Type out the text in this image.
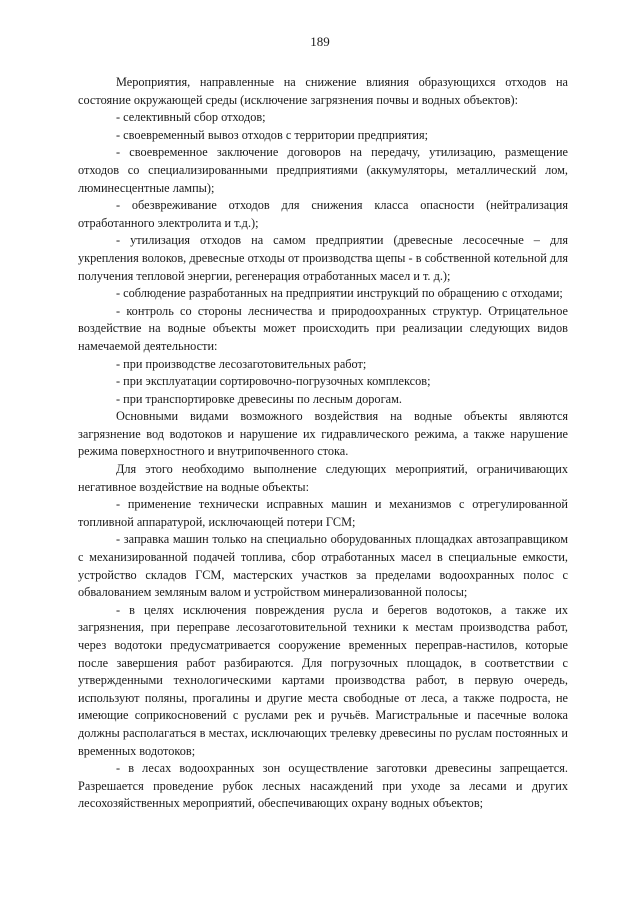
189

Мероприятия, направленные на снижение влияния образующихся отходов на состояние окружающей среды (исключение загрязнения почвы и водных объектов):

- селективный сбор отходов;

- своевременный вывоз отходов с территории предприятия;

- своевременное заключение договоров на передачу, утилизацию, размещение отходов со специализированными предприятиями (аккумуляторы, металлический лом, люминесцентные лампы);

- обезвреживание отходов для снижения класса опасности (нейтрализация отработанного электролита и т.д.);

- утилизация отходов на самом предприятии (древесные лесосечные – для укрепления волоков, древесные отходы от производства щепы - в собственной котельной для получения тепловой энергии, регенерация отработанных масел и т. д.);

- соблюдение разработанных на предприятии инструкций по обращению с отходами;

- контроль со стороны лесничества и природоохранных структур. Отрицательное воздействие на водные объекты может происходить при реализации следующих видов намечаемой деятельности:

- при производстве лесозаготовительных работ;

- при эксплуатации сортировочно-погрузочных комплексов;

- при транспортировке древесины по лесным дорогам.

Основными видами возможного воздействия на водные объекты являются загрязнение вод водотоков и нарушение их гидравлического режима, а также нарушение режима поверхностного и внутрипочвенного стока.

Для этого необходимо выполнение следующих мероприятий, ограничивающих негативное воздействие на водные объекты:

- применение технически исправных машин и механизмов с отрегулированной топливной аппаратурой, исключающей потери ГСМ;

- заправка машин только на специально оборудованных площадках автозаправщиком с механизированной подачей топлива, сбор отработанных масел в специальные емкости, устройство складов ГСМ, мастерских участков за пределами водоохранных полос с обвалованием земляным валом и устройством минерализованной полосы;

- в целях исключения повреждения русла и берегов водотоков, а также их загрязнения, при переправе лесозаготовительной техники к местам производства работ, через водотоки предусматривается сооружение временных переправ-настилов, которые после завершения работ разбираются. Для погрузочных площадок, в соответствии с утвержденными технологическими картами производства работ, в первую очередь, используют поляны, прогалины и другие места свободные от леса, а также подроста, не имеющие соприкосновений с руслами рек и ручьёв. Магистральные и пасечные волока должны располагаться в местах, исключающих трелевку древесины по руслам постоянных и временных водотоков;

- в лесах водоохранных зон осуществление заготовки древесины запрещается. Разрешается проведение рубок лесных насаждений при уходе за лесами и других лесохозяйственных мероприятий, обеспечивающих охрану водных объектов;
